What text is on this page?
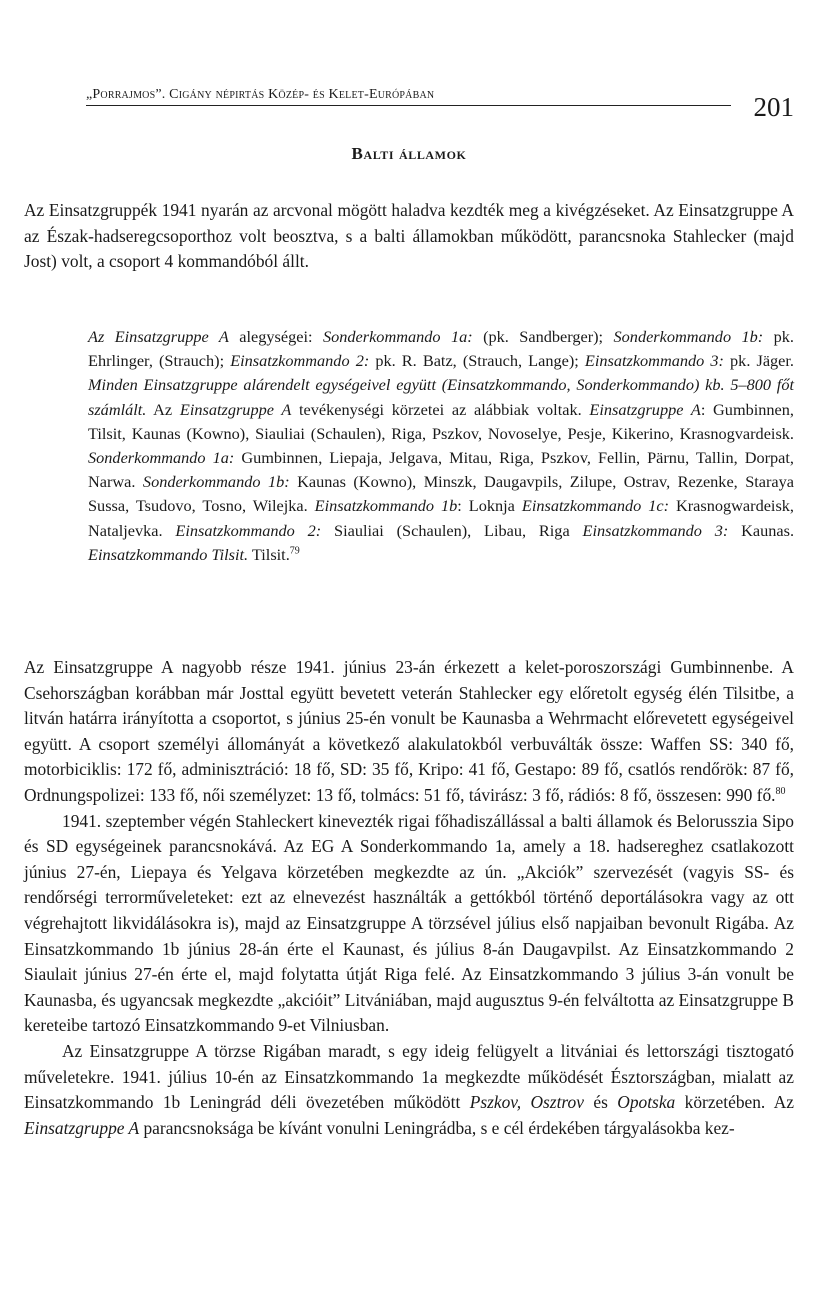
„Porrajmos”. Cigány népirtás Közép- és Kelet-Európában	201
Balti államok

Az Einsatzgruppék 1941 nyarán az arcvonal mögött haladva kezdték meg a kivégzéseket. Az Einsatzgruppe A az Észak-hadseregcsoporthoz volt beosztva, s a balti államokban működött, parancsnoka Stahlecker (majd Jost) volt, a csoport 4 kommandóból állt.

Az Einsatzgruppe A alegységei: Sonderkommando 1a: (pk. Sandberger); Sonderkommando 1b: pk. Ehrlinger, (Strauch); Einsatzkommando 2: pk. R. Batz, (Strauch, Lange); Einsatzkommando 3: pk. Jäger. Minden Einsatzgruppe alárendelt egységeivel együtt (Einsatzkommando, Sonderkommando) kb. 5–800 főt számlált. Az Einsatzgruppe A tevékenységi körzetei az alábbiak voltak. Einsatzgruppe A: Gumbinnen, Tilsit, Kaunas (Kowno), Siauliai (Schaulen), Riga, Pszkov, Novoselye, Pesje, Kikerino, Krasnogvardeisk. Sonderkommando 1a: Gumbinnen, Liepaja, Jelgava, Mitau, Riga, Pszkov, Fellin, Pärnu, Tallin, Dorpat, Narwa. Sonderkommando 1b: Kaunas (Kowno), Minszk, Daugavpils, Zilupe, Ostrav, Rezenke, Staraya Sussa, Tsudovo, Tosno, Wilejka. Einsatzkommando 1b: Loknja Einsatzkommando 1c: Krasnogwardeisk, Nataljevka. Einsatzkommando 2: Siauliai (Schaulen), Libau, Riga Einsatzkommando 3: Kaunas. Einsatzkommando Tilsit. Tilsit.$^{79}$

Az Einsatzgruppe A nagyobb része 1941. június 23-án érkezett a kelet-poroszországi Gumbinnenbe. A Csehországban korábban már Josttal együtt bevetett veterán Stahlecker egy előretolt egység élén Tilsitbe, a litván határra irányította a csoportot, s június 25-én vonult be Kaunasba a Wehrmacht előrevetett egységeivel együtt. A csoport személyi állományát a következő alakulatokból verbuválták össze: Waffen SS: 340 fő, motorbiciklis: 172 fő, adminisztráció: 18 fő, SD: 35 fő, Kripo: 41 fő, Gestapo: 89 fő, csatlós rendőrök: 87 fő, Ordnungspolizei: 133 fő, női személyzet: 13 fő, tolmács: 51 fő, távirász: 3 fő, rádiós: 8 fő, összesen: 990 fő.$^{80}$

1941. szeptember végén Stahleckert kinevezték rigai főhadiszállással a balti államok és Belorusszia Sipo és SD egységeinek parancsnokává. Az EG A Sonderkommando 1a, amely a 18. hadsereghez csatlakozott június 27-én, Liepaya és Yelgava körzetében megkezdte az ún. „Akciók” szervezését (vagyis SS- és rendőrségi terrorműveleteket: ezt az elnevezést használták a gettókból történő deportálásokra vagy az ott végrehajtott likvidálásokra is), majd az Einsatzgruppe A törzsével július első napjaiban bevonult Rigába. Az Einsatzkommando 1b június 28-án érte el Kaunast, és július 8-án Daugavpilst. Az Einsatzkommando 2 Siaulait június 27-én érte el, majd folytatta útját Riga felé. Az Einsatzkommando 3 július 3-án vonult be Kaunasba, és ugyancsak megkezdte „akcióit” Litvániában, majd augusztus 9-én felváltotta az Einsatzgruppe B kereteibe tartozó Einsatzkommando 9-et Vilniusban.

Az Einsatzgruppe A törzse Rigában maradt, s egy ideig felügyelt a litvániai és lettországi tisztogató műveletekre. 1941. július 10-én az Einsatzkommando 1a megkezdte működését Észtországban, mialatt az Einsatzkommando 1b Leningrád déli övezetében működött Pszkov, Osztrov és Opotska körzetében. Az Einsatzgruppe A parancsnoksága be kívánt vonulni Leningrádba, s e cél érdekében tárgyalásokba kez-
